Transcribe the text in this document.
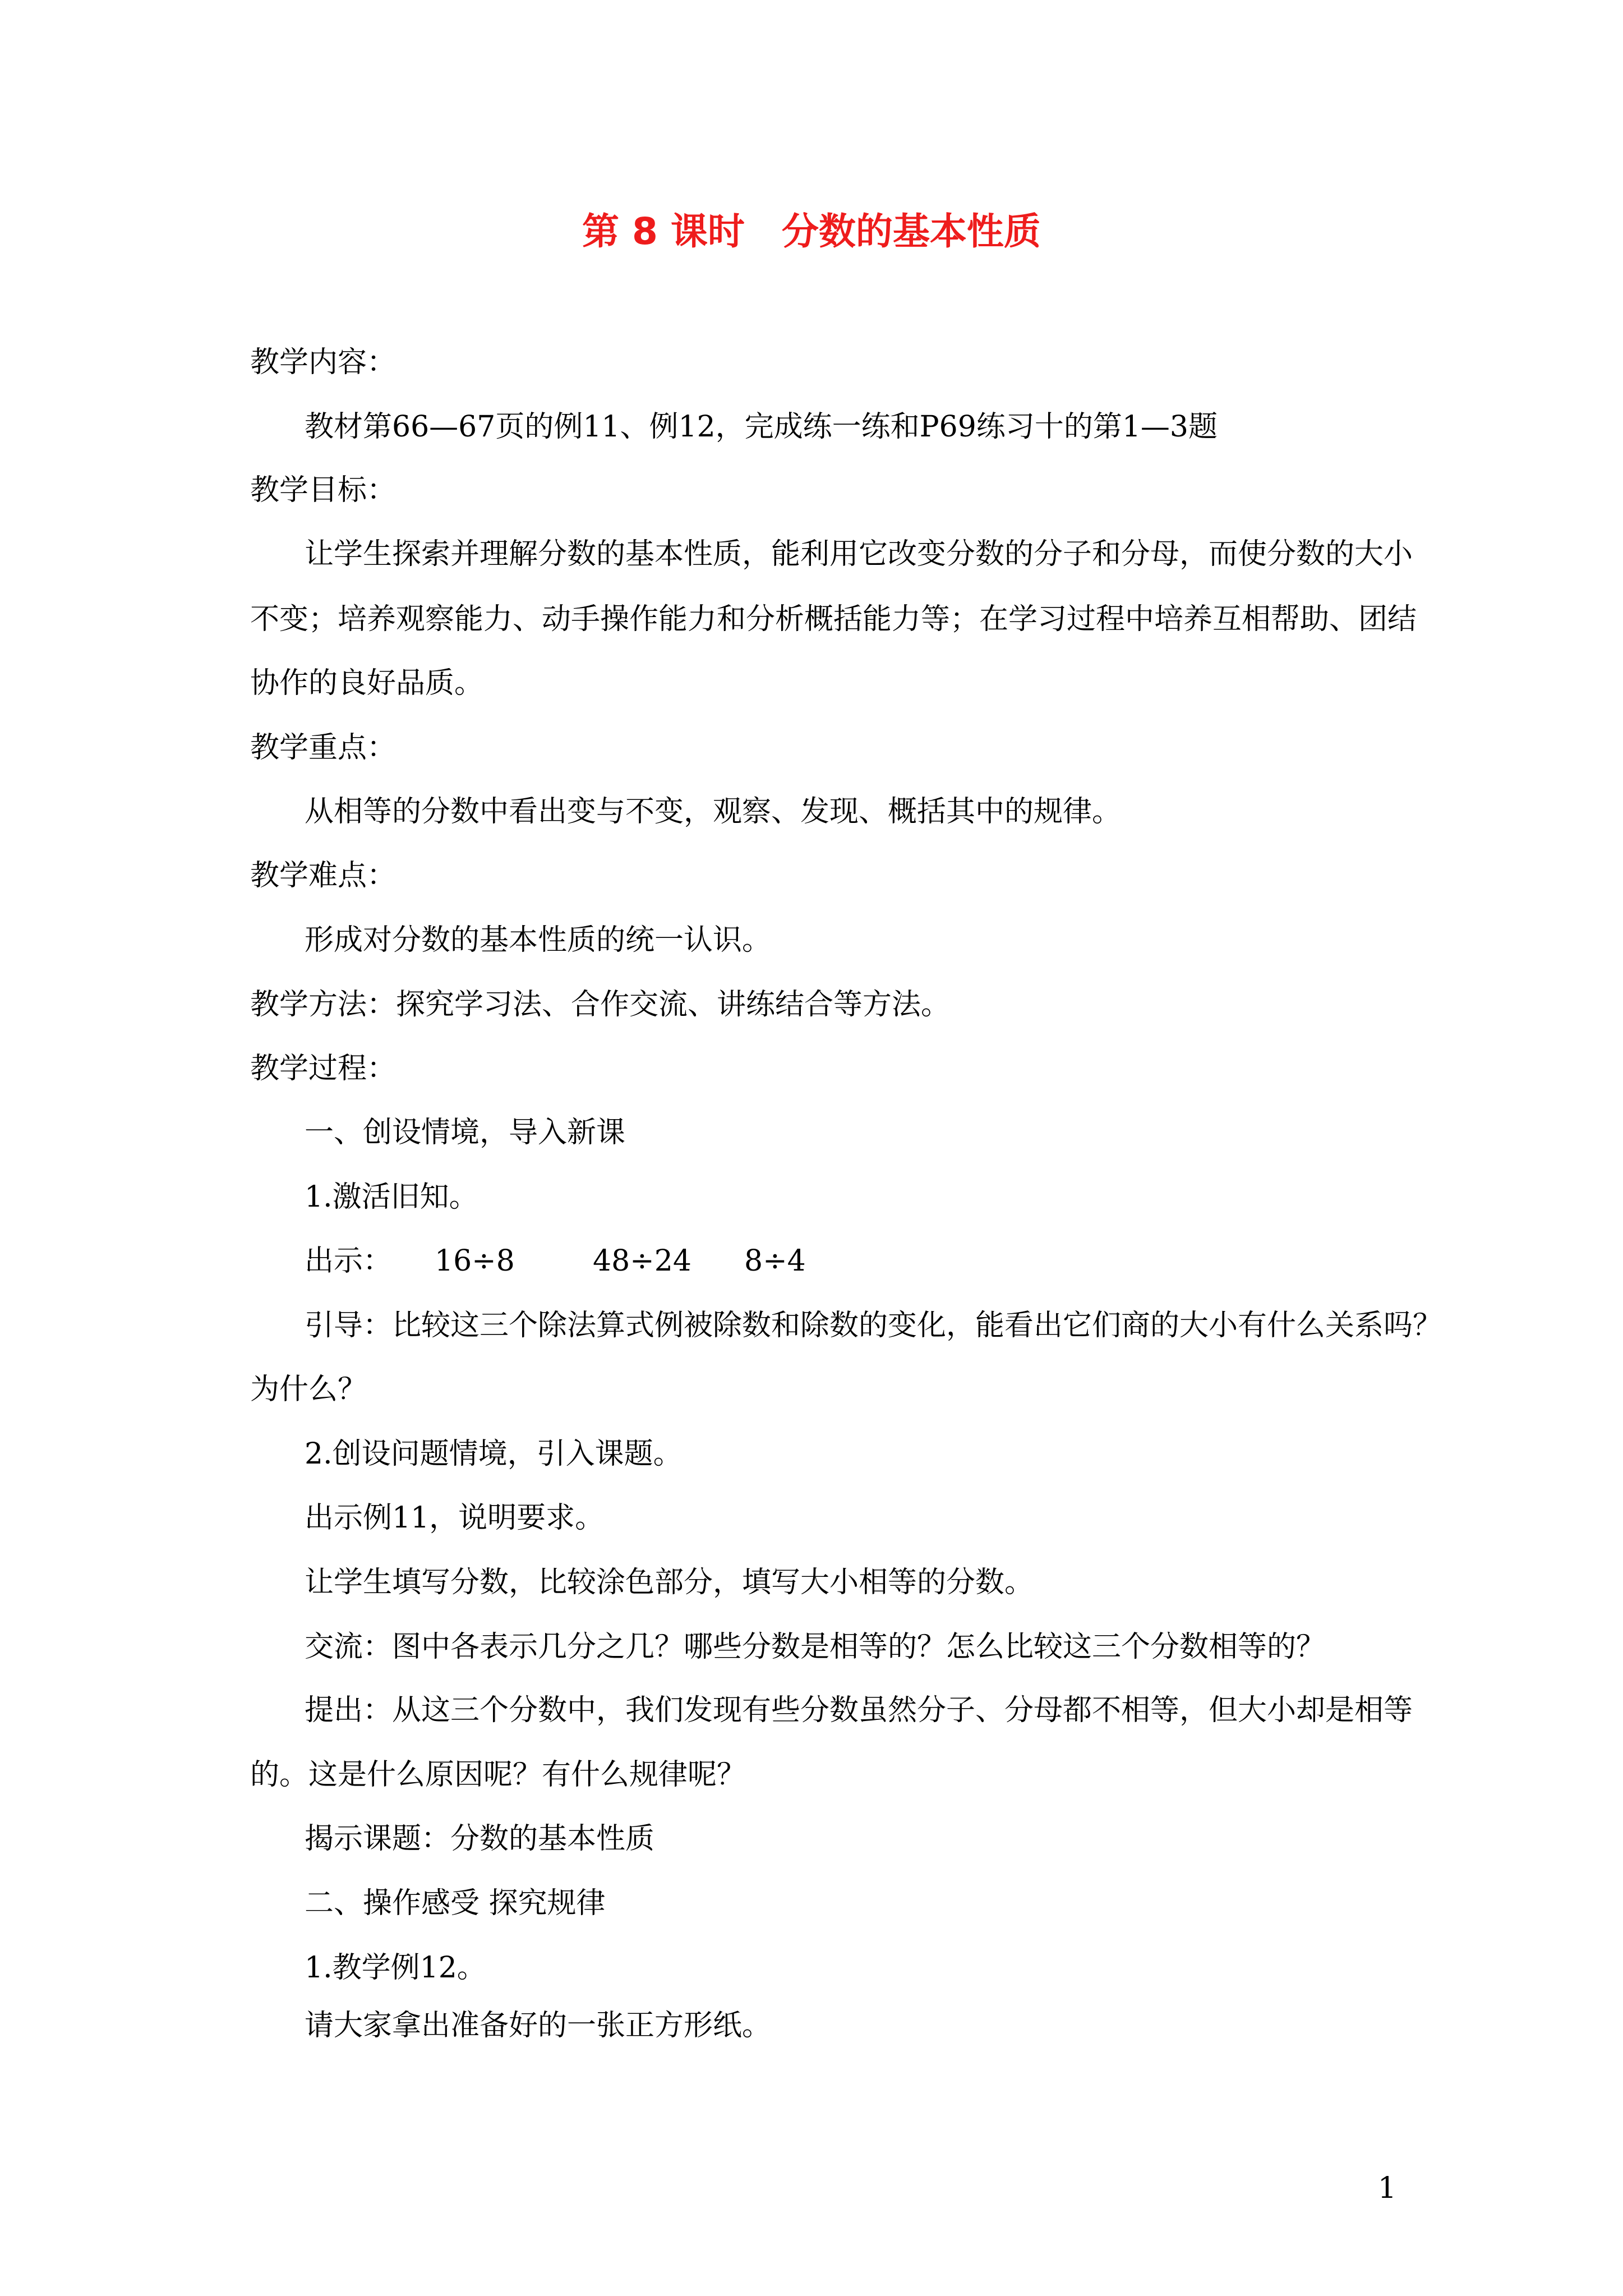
第 8 课时　分数的基本性质
教学内容：
教材第66—67页的例11、例12，完成练一练和P69练习十的第1—3题
教学目标：
让学生探索并理解分数的基本性质，能利用它改变分数的分子和分母，而使分数的大小
不变；培养观察能力、动手操作能力和分析概括能力等；在学习过程中培养互相帮助、团结
协作的良好品质。
教学重点：
从相等的分数中看出变与不变，观察、发现、概括其中的规律。
教学难点：
形成对分数的基本性质的统一认识。
教学方法：探究学习法、合作交流、讲练结合等方法。
教学过程：
一、创设情境，导入新课
1.激活旧知。
出示： 16÷8	48÷24 8÷4
引导：比较这三个除法算式例被除数和除数的变化，能看出它们商的大小有什么关系吗？
为什么？
2.创设问题情境，引入课题。
出示例11，说明要求。
让学生填写分数，比较涂色部分，填写大小相等的分数。
交流：图中各表示几分之几？哪些分数是相等的？怎么比较这三个分数相等的？
提出：从这三个分数中，我们发现有些分数虽然分子、分母都不相等，但大小却是相等
的。这是什么原因呢？有什么规律呢？
揭示课题：分数的基本性质
二、操作感受 探究规律
1.教学例12。
请大家拿出准备好的一张正方形纸。
1
